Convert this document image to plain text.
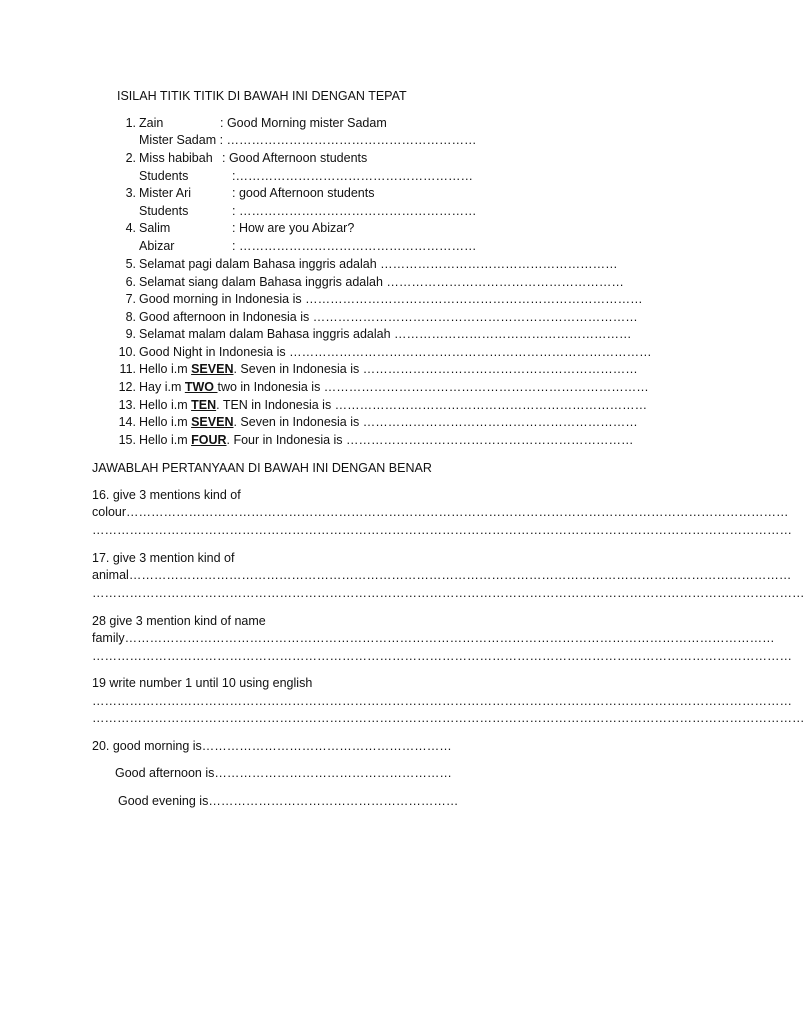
ISILAH TITIK TITIK DI BAWAH INI DENGAN TEPAT
1. Zain	: Good Morning mister Sadam
Mister Sadam : ……………………………………………………
2. Miss habibah : Good Afternoon students
Students	:…………………………………………………
3. Mister Ari	: good Afternoon students
Students	: …………………………………………………
4. Salim	: How are you Abizar?
Abizar	: …………………………………………………
5. Selamat pagi dalam Bahasa inggris adalah …………………………………………………
6. Selamat siang dalam Bahasa inggris adalah …………………………………………………
7. Good morning in Indonesia is ………………………………………………………………………
8. Good afternoon in Indonesia is ……………………………………………………………………
9. Selamat malam dalam Bahasa inggris adalah …………………………………………………
10. Good Night in Indonesia is ……………………………………………………………………………
11. Hello i.m SEVEN. Seven in Indonesia is …………………………………………………………
12. Hay i.m TWO two in Indonesia is ……………………………………………………………………
13. Hello i.m TEN. TEN in Indonesia is …………………………………………………………………
14. Hello i.m SEVEN. Seven in Indonesia is …………………………………………………………
15. Hello i.m FOUR. Four in Indonesia is ……………………………………………………………
JAWABLAH PERTANYAAN DI BAWAH INI DENGAN BENAR
16. give 3 mentions kind of
colour……………………………………………………………………………………………………………………………………………
……………………………………………………………………………………………………………………………………………………
17. give 3 mention kind of
animal……………………………………………………………………………………………………………………………………………
………………………………………………………………………………………………………………………………………………………
28 give 3 mention kind of name
family…………………………………………………………………………………………………………………………………………
……………………………………………………………………………………………………………………………………………………
19 write number 1 until 10 using english
……………………………………………………………………………………………………………………………………………………
………………………………………………………………………………………………………………………………………………………
20. good morning is……………………………………………………
Good afternoon is…………………………………………………
Good evening is……………………………………………………
